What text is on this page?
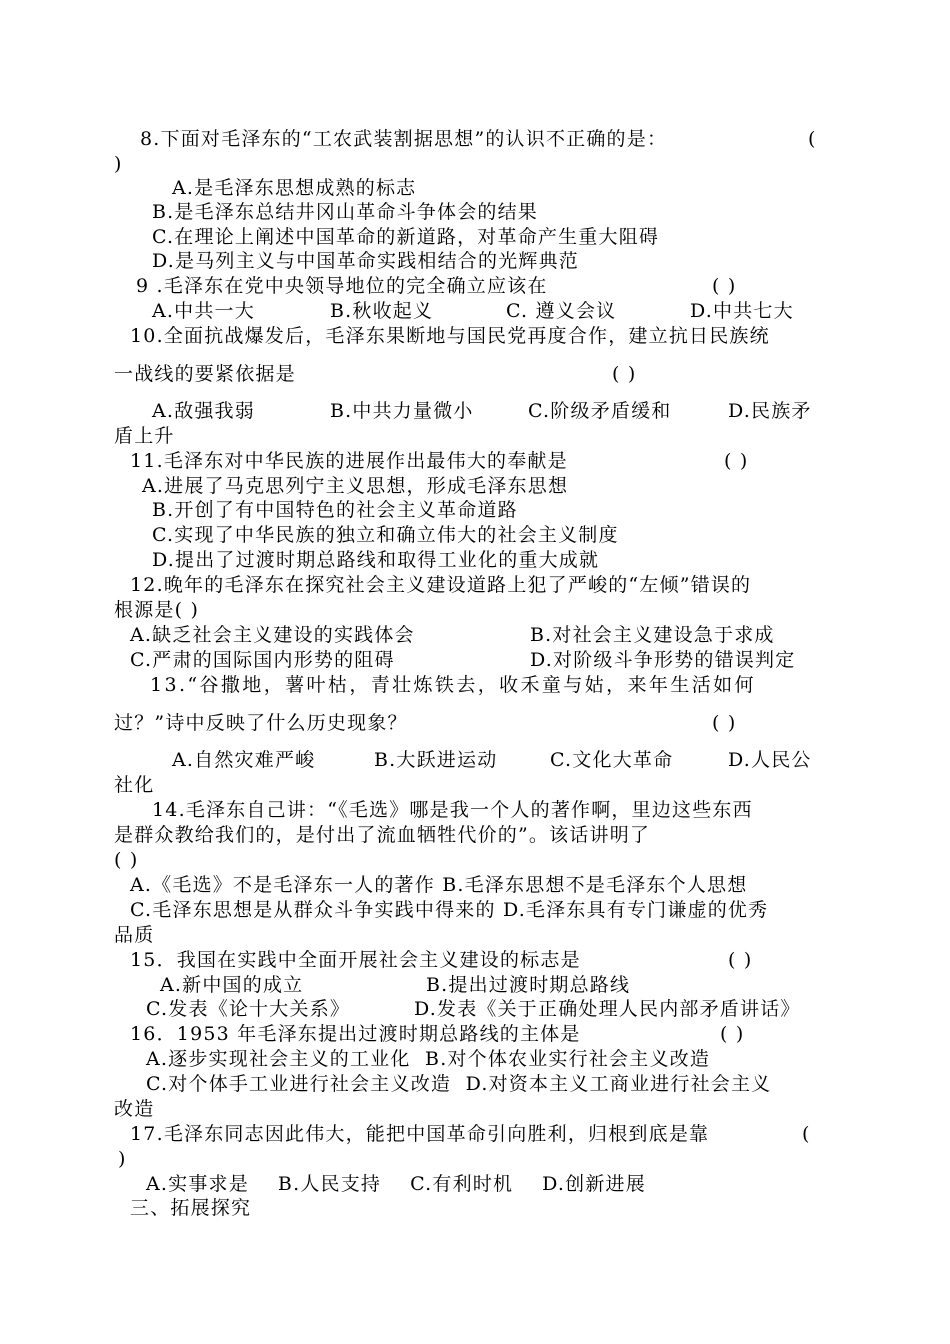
8.下面对毛泽东的“工农武装割据思想”的认识不正确的是：	(
)
A.是毛泽东思想成熟的标志
B.是毛泽东总结井冈山革命斗争体会的结果
C.在理论上阐述中国革命的新道路，对革命产生重大阻碍
D.是马列主义与中国革命实践相结合的光辉典范
9 .毛泽东在党中央领导地位的完全确立应该在	( )
A.中共一大	B.秋收起义	C. 遵义会议	D.中共七大
10.全面抗战爆发后，毛泽东果断地与国民党再度合作，建立抗日民族统
一战线的要紧依据是	( )
A.敌强我弱	B.中共力量微小	C.阶级矛盾缓和	D.民族矛
盾上升
11.毛泽东对中华民族的进展作出最伟大的奉献是	( )
A.进展了马克思列宁主义思想，形成毛泽东思想
B.开创了有中国特色的社会主义革命道路
C.实现了中华民族的独立和确立伟大的社会主义制度
D.提出了过渡时期总路线和取得工业化的重大成就
12.晚年的毛泽东在探究社会主义建设道路上犯了严峻的“左倾”错误的
根源是( )
A.缺乏社会主义建设的实践体会	B.对社会主义建设急于求成
C.严肃的国际国内形势的阻碍	D.对阶级斗争形势的错误判定
13.“谷撒地，薯叶枯，青壮炼铁去，收禾童与姑，来年生活如何
过？”诗中反映了什么历史现象？	( )
A.自然灾难严峻	B.大跃进运动	C.文化大革命	D.人民公
社化
14.毛泽东自己讲：“《毛选》哪是我一个人的著作啊，里边这些东西
是群众教给我们的，是付出了流血牺牲代价的”。该话讲明了
( )
A.《毛选》不是毛泽东一人的著作 B.毛泽东思想不是毛泽东个人思想
C.毛泽东思想是从群众斗争实践中得来的 D.毛泽东具有专门谦虚的优秀
品质
15．我国在实践中全面开展社会主义建设的标志是	( )
A.新中国的成立	B.提出过渡时期总路线
C.发表《论十大关系》	D.发表《关于正确处理人民内部矛盾讲话》
16．1953 年毛泽东提出过渡时期总路线的主体是	( )
A.逐步实现社会主义的工业化  B.对个体农业实行社会主义改造
C.对个体手工业进行社会主义改造  D.对资本主义工商业进行社会主义
改造
17.毛泽东同志因此伟大，能把中国革命引向胜利，归根到底是靠	(
)
A.实事求是    B.人民支持    C.有利时机    D.创新进展
三、拓展探究
